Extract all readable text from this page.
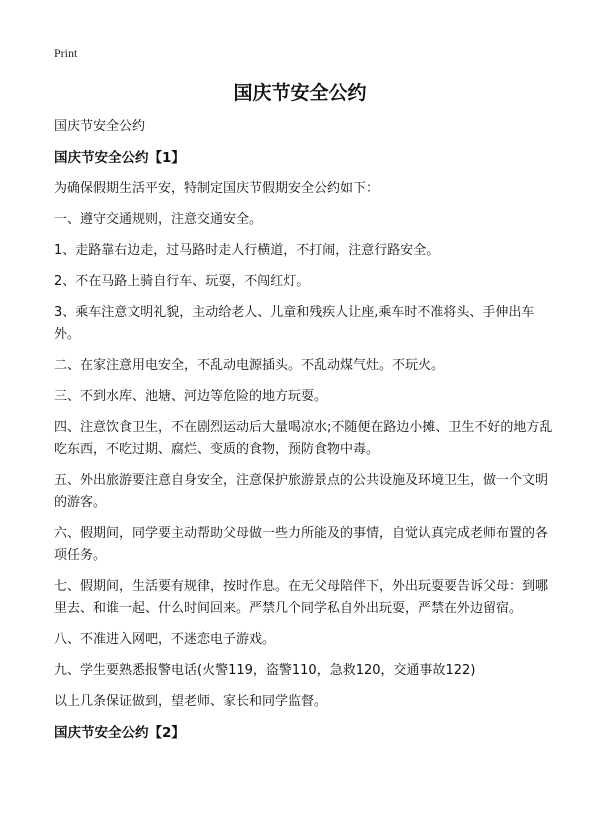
Print
国庆节安全公约

国庆节安全公约

国庆节安全公约【1】

为确保假期生活平安，特制定国庆节假期安全公约如下：

一、遵守交通规则，注意交通安全。

1、走路靠右边走，过马路时走人行横道，不打闹，注意行路安全。

2、不在马路上骑自行车、玩耍，不闯红灯。

3、乘车注意文明礼貌，主动给老人、儿童和残疾人让座,乘车时不准将头、手伸出车外。

二、在家注意用电安全，不乱动电源插头。不乱动煤气灶。不玩火。

三、不到水库、池塘、河边等危险的地方玩耍。

四、注意饮食卫生，不在剧烈运动后大量喝凉水;不随便在路边小摊、卫生不好的地方乱吃东西，不吃过期、腐烂、变质的食物，预防食物中毒。

五、外出旅游要注意自身安全，注意保护旅游景点的公共设施及环境卫生，做一个文明的游客。

六、假期间，同学要主动帮助父母做一些力所能及的事情，自觉认真完成老师布置的各项任务。

七、假期间，生活要有规律，按时作息。在无父母陪伴下，外出玩耍要告诉父母：到哪里去、和谁一起、什么时间回来。严禁几个同学私自外出玩耍，严禁在外边留宿。

八、不准进入网吧，不迷恋电子游戏。

九、学生要熟悉报警电话(火警119，盗警110，急救120，交通事故122)

以上几条保证做到，望老师、家长和同学监督。

国庆节安全公约【2】
